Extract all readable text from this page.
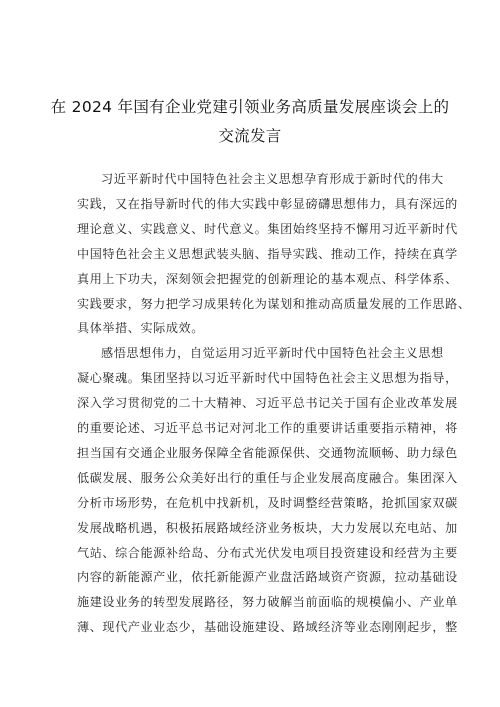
在 2024 年国有企业党建引领业务高质量发展座谈会上的
交流发言
习近平新时代中国特色社会主义思想孕育形成于新时代的伟大
实践，又在指导新时代的伟大实践中彰显磅礴思想伟力，具有深远的
理论意义、实践意义、时代意义。集团始终坚持不懈用习近平新时代
中国特色社会主义思想武装头脑、指导实践、推动工作，持续在真学
真用上下功夫，深刻领会把握党的创新理论的基本观点、科学体系、
实践要求，努力把学习成果转化为谋划和推动高质量发展的工作思路、
具体举措、实际成效。
感悟思想伟力，自觉运用习近平新时代中国特色社会主义思想
凝心聚魂。集团坚持以习近平新时代中国特色社会主义思想为指导，
深入学习贯彻党的二十大精神、习近平总书记关于国有企业改革发展
的重要论述、习近平总书记对河北工作的重要讲话重要指示精神，将
担当国有交通企业服务保障全省能源保供、交通物流顺畅、助力绿色
低碳发展、服务公众美好出行的重任与企业发展高度融合。集团深入
分析市场形势，在危机中找新机，及时调整经营策略，抢抓国家双碳
发展战略机遇，积极拓展路域经济业务板块，大力发展以充电站、加
气站、综合能源补给岛、分布式光伏发电项目投资建设和经营为主要
内容的新能源产业，依托新能源产业盘活路域资产资源，拉动基础设
施建设业务的转型发展路径，努力破解当前面临的规模偏小、产业单
薄、现代产业业态少，基础设施建设、路域经济等业态刚刚起步，整
